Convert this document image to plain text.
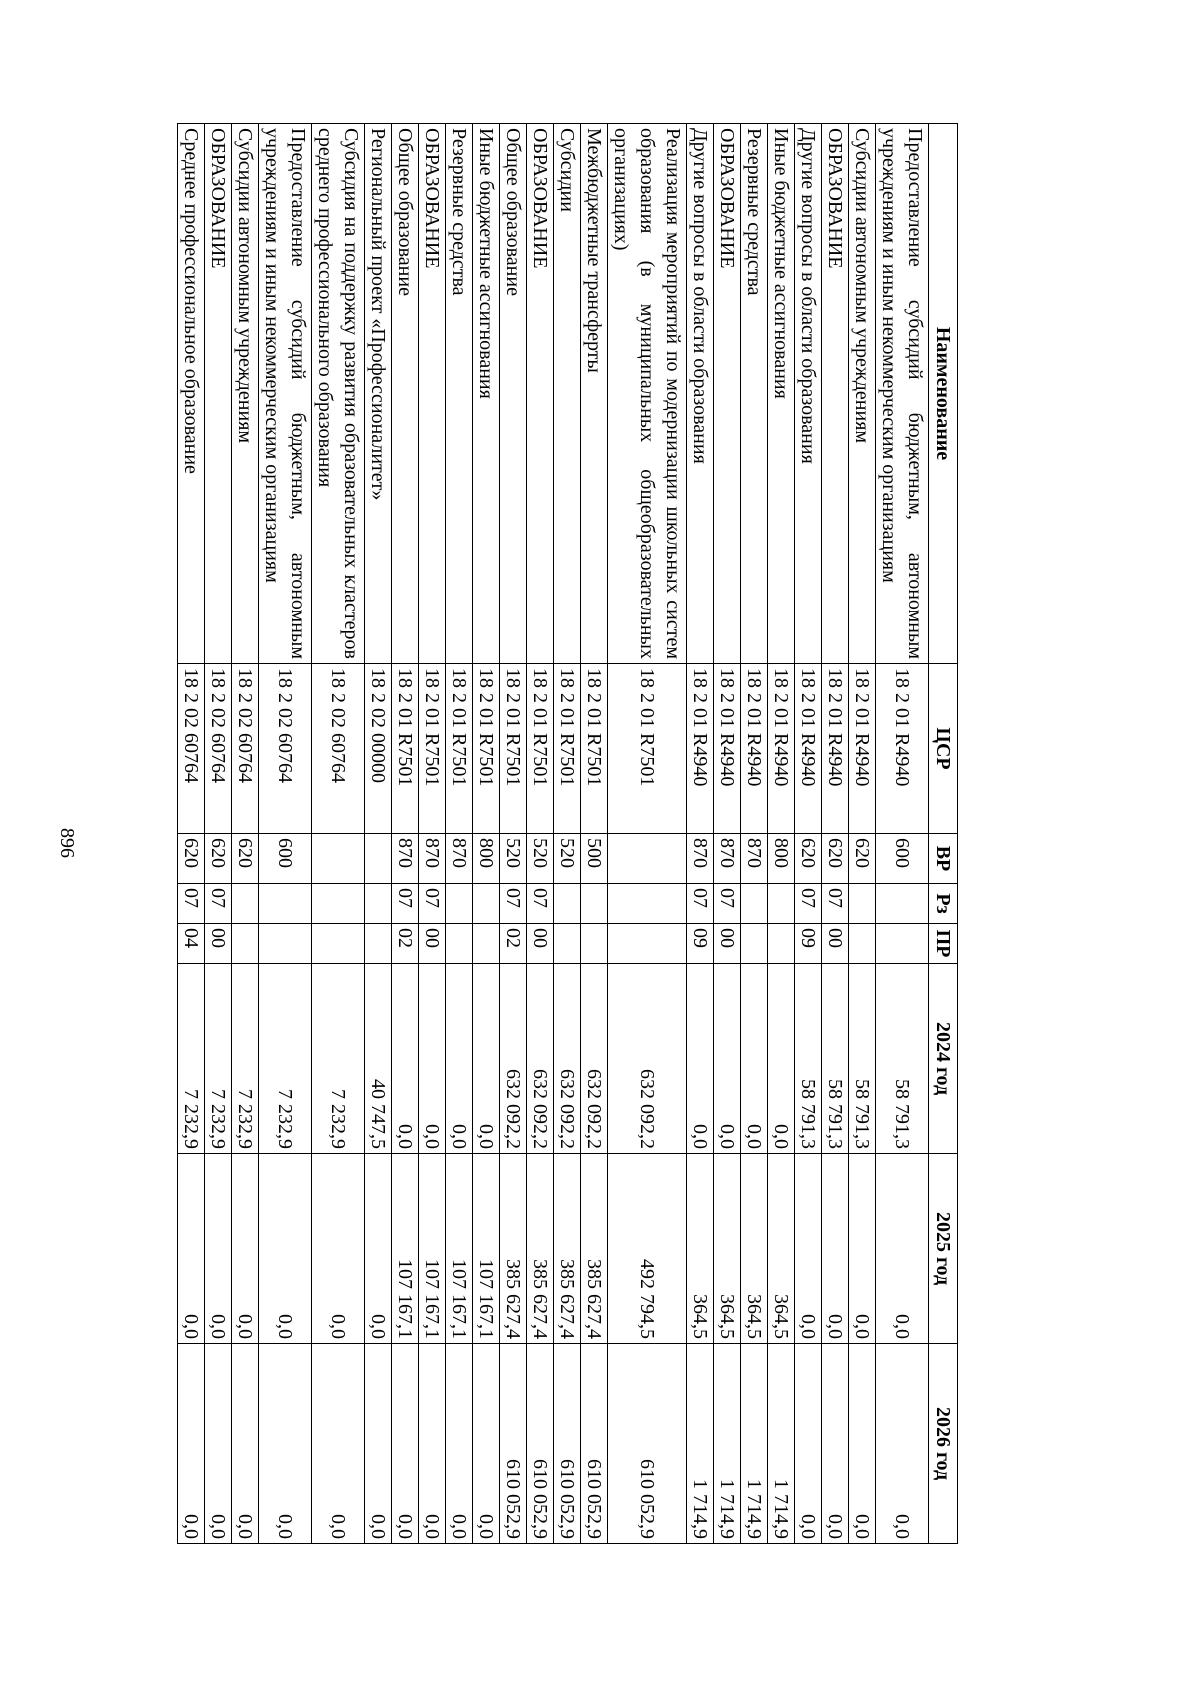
896
Наименование	ЦСР	ВР	Рз	ПР	2024 год	2025 год	2026 год
Предоставление субсидий бюджетным, автономным учреждениям и иным некоммерческим организациям	18 2 01 R4940	600			58 791,3	0,0	0,0
Субсидии автономным учреждениям	18 2 01 R4940	620			58 791,3	0,0	0,0
ОБРАЗОВАНИЕ	18 2 01 R4940	620	07	00	58 791,3	0,0	0,0
Другие вопросы в области образования	18 2 01 R4940	620	07	09	58 791,3	0,0	0,0
Иные бюджетные ассигнования	18 2 01 R4940	800			0,0	364,5	1 714,9
Резервные средства	18 2 01 R4940	870			0,0	364,5	1 714,9
ОБРАЗОВАНИЕ	18 2 01 R4940	870	07	00	0,0	364,5	1 714,9
Другие вопросы в области образования	18 2 01 R4940	870	07	09	0,0	364,5	1 714,9
Реализация мероприятий по модернизации школьных систем образования (в муниципальных общеобразовательных организациях)	18 2 01 R7501				632 092,2	492 794,5	610 052,9
Межбюджетные трансферты	18 2 01 R7501	500			632 092,2	385 627,4	610 052,9
Субсидии	18 2 01 R7501	520			632 092,2	385 627,4	610 052,9
ОБРАЗОВАНИЕ	18 2 01 R7501	520	07	00	632 092,2	385 627,4	610 052,9
Общее образование	18 2 01 R7501	520	07	02	632 092,2	385 627,4	610 052,9
Иные бюджетные ассигнования	18 2 01 R7501	800			0,0	107 167,1	0,0
Резервные средства	18 2 01 R7501	870			0,0	107 167,1	0,0
ОБРАЗОВАНИЕ	18 2 01 R7501	870	07	00	0,0	107 167,1	0,0
Общее образование	18 2 01 R7501	870	07	02	0,0	107 167,1	0,0
Региональный проект «Профессионалитет»	18 2 02 00000				40 747,5	0,0	0,0
Субсидия на поддержку развития образовательных кластеров среднего профессионального образования	18 2 02 60764				7 232,9	0,0	0,0
Предоставление субсидий бюджетным, автономным учреждениям и иным некоммерческим организациям	18 2 02 60764	600			7 232,9	0,0	0,0
Субсидии автономным учреждениям	18 2 02 60764	620			7 232,9	0,0	0,0
ОБРАЗОВАНИЕ	18 2 02 60764	620	07	00	7 232,9	0,0	0,0
Среднее профессиональное образование	18 2 02 60764	620	07	04	7 232,9	0,0	0,0
